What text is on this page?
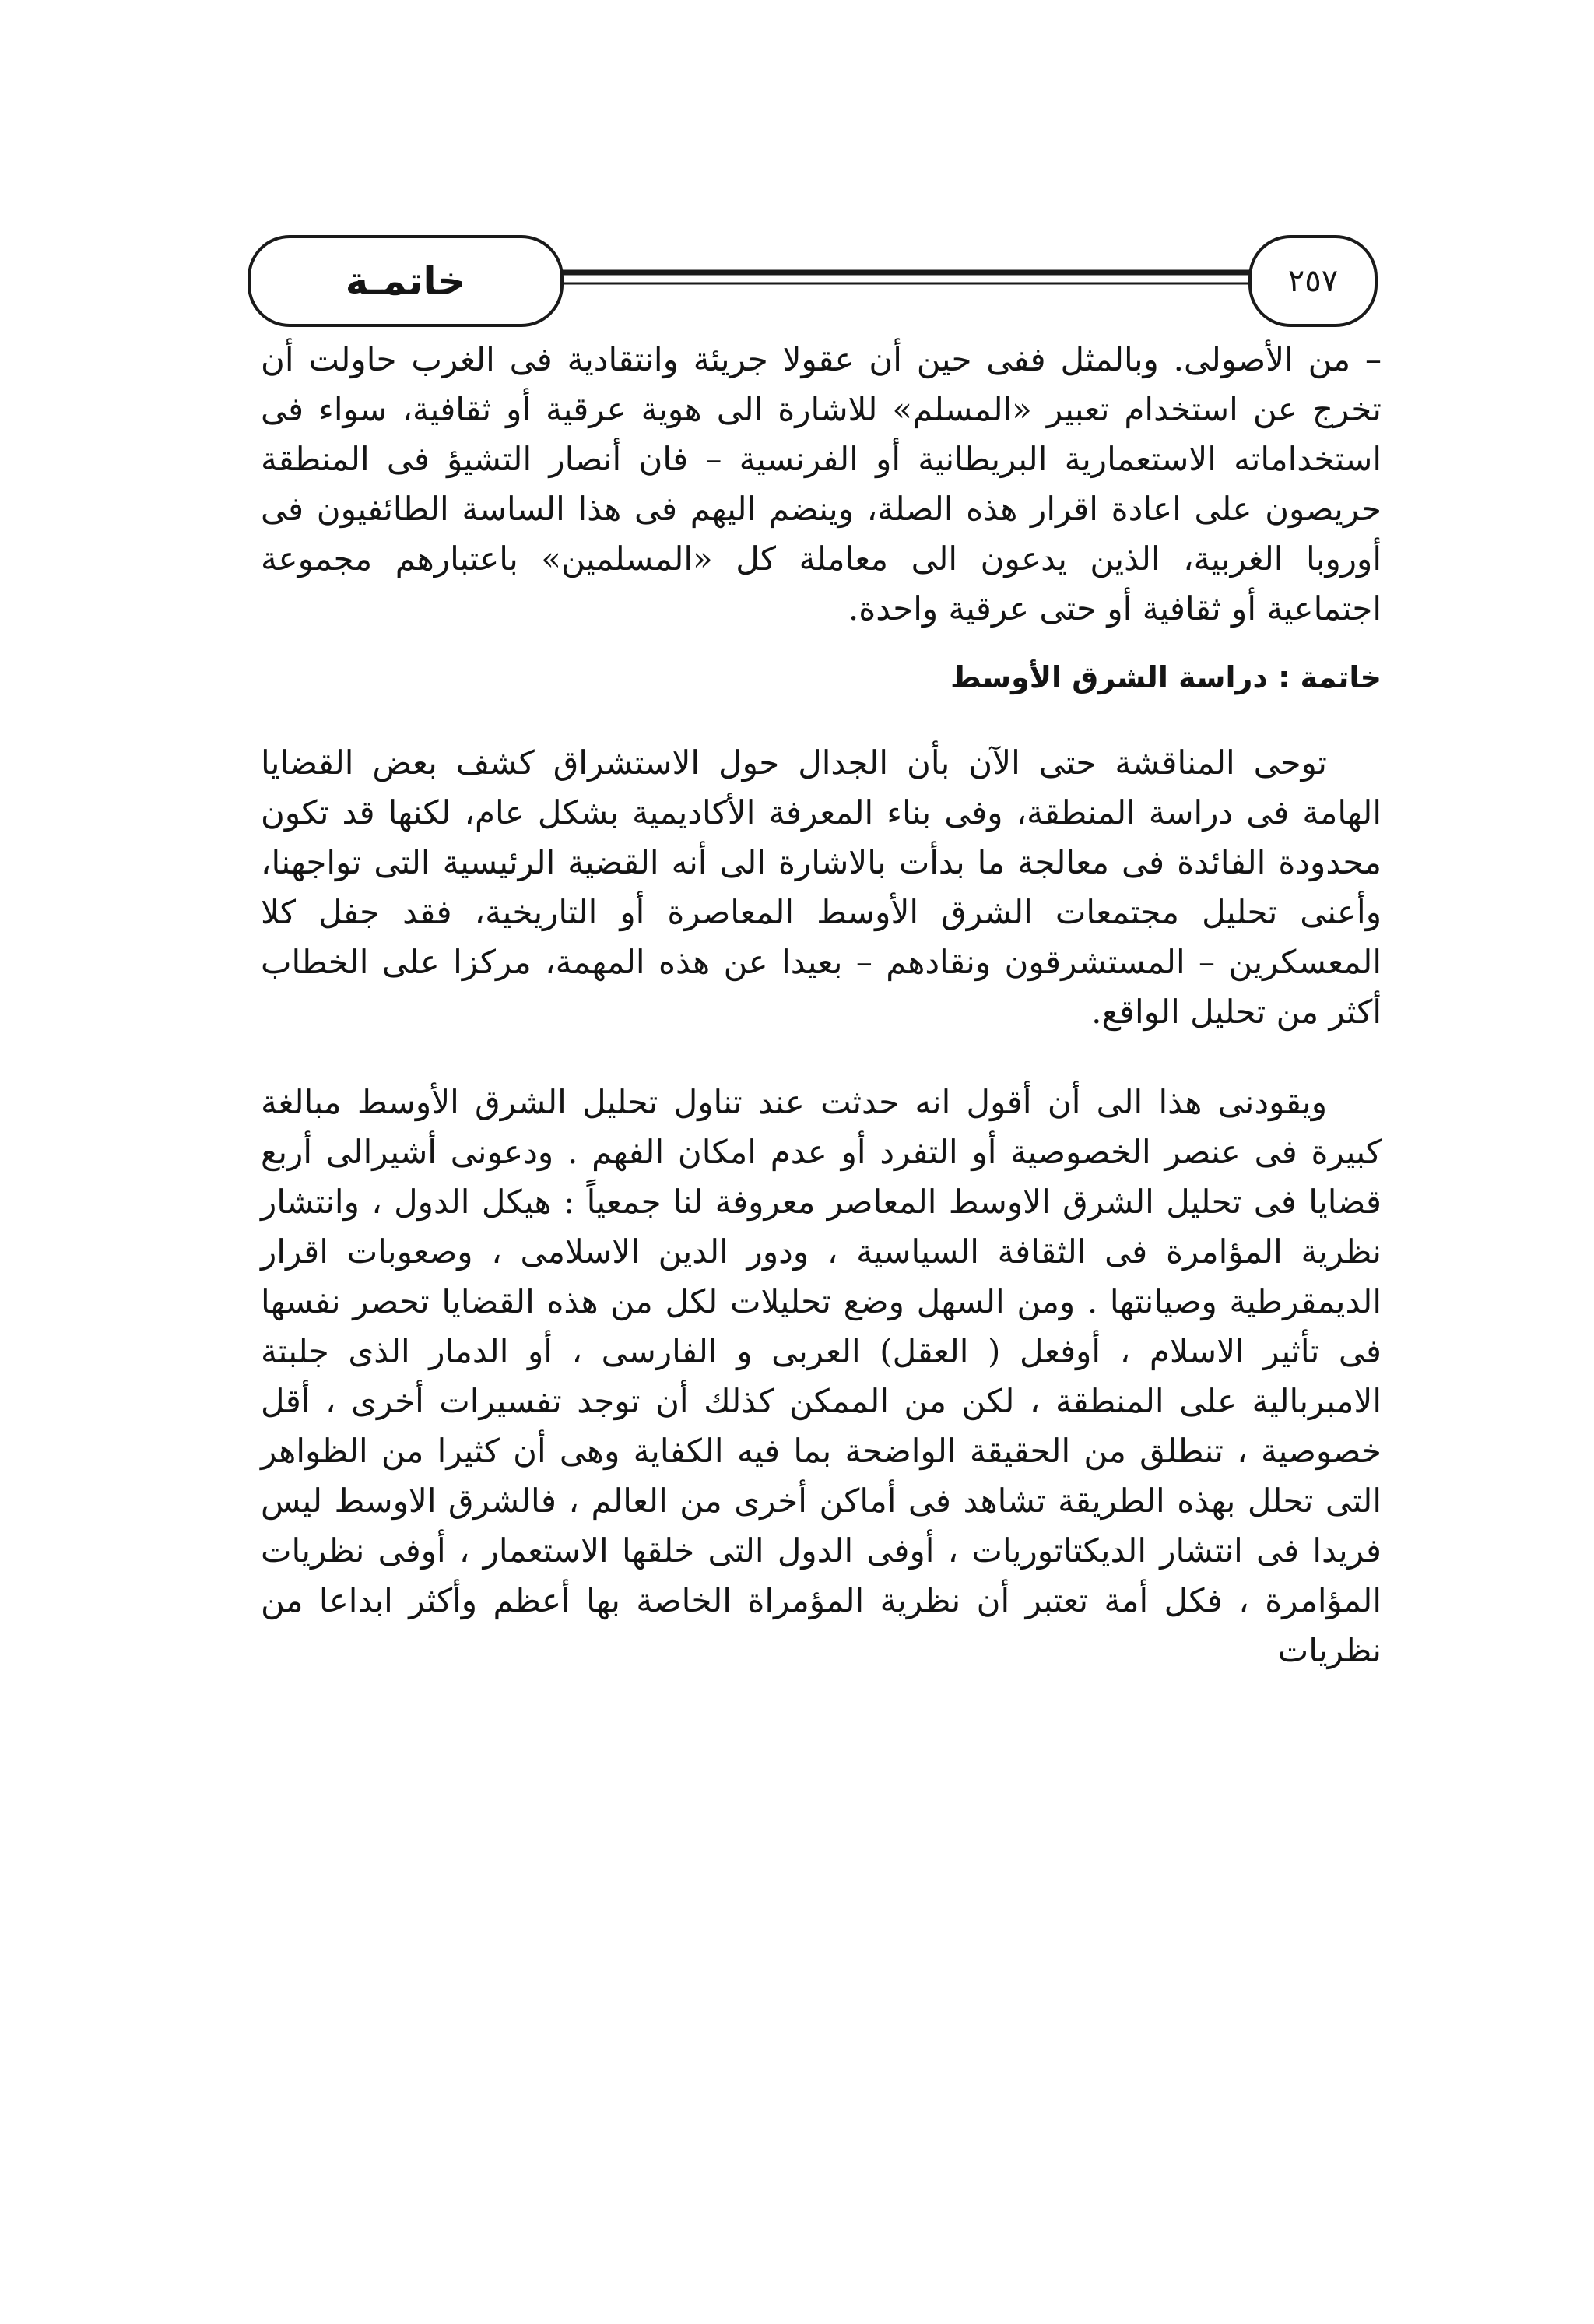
خاتمـة	٢٥٧

– من الأصولى. وبالمثل ففى حين أن عقولا جريئة وانتقادية فى الغرب حاولت أن تخرج عن استخدام تعبير «المسلم» للاشارة الى هوية عرقية أو ثقافية، سواء فى استخداماته الاستعمارية البريطانية أو الفرنسية – فان أنصار التشيؤ فى المنطقة حريصون على اعادة اقرار هذه الصلة، وينضم اليهم فى هذا الساسة الطائفيون فى أوروبا الغربية، الذين يدعون الى معاملة كل «المسلمين» باعتبارهم مجموعة اجتماعية أو ثقافية أو حتى عرقية واحدة.

خاتمة : دراسة الشرق الأوسط

توحى المناقشة حتى الآن بأن الجدال حول الاستشراق كشف بعض القضايا الهامة فى دراسة المنطقة، وفى بناء المعرفة الأكاديمية بشكل عام، لكنها قد تكون محدودة الفائدة فى معالجة ما بدأت بالاشارة الى أنه القضية الرئيسية التى تواجهنا، وأعنى تحليل مجتمعات الشرق الأوسط المعاصرة أو التاريخية، فقد جفل كلا المعسكرين – المستشرقون ونقادهم – بعيدا عن هذه المهمة، مركزا على الخطاب أكثر من تحليل الواقع.

ويقودنى هذا الى أن أقول انه حدثت عند تناول تحليل الشرق الأوسط مبالغة كبيرة فى عنصر الخصوصية أو التفرد أو عدم امكان الفهم . ودعونى أشيرالى أربع قضايا فى تحليل الشرق الاوسط المعاصر معروفة لنا جمعياً : هيكل الدول ، وانتشار نظرية المؤامرة فى الثقافة السياسية ، ودور الدين الاسلامى ، وصعوبات اقرار الديمقرطية وصيانتها . ومن السهل وضع تحليلات لكل من هذه القضايا تحصر نفسها فى تأثير الاسلام ، أوفعل ( العقل) العربى و الفارسى ، أو الدمار الذى جلبتة الامبربالية على المنطقة ، لكن من الممكن كذلك أن توجد تفسيرات أخرى ، أقل خصوصية ، تنطلق من الحقيقة الواضحة بما فيه الكفاية وهى أن كثيرا من الظواهر التى تحلل بهذه الطريقة تشاهد فى أماكن أخرى من العالم ، فالشرق الاوسط ليس فريدا فى انتشار الديكتاتوريات ، أوفى الدول التى خلقها الاستعمار ، أوفى نظريات المؤامرة ، فكل أمة تعتبر أن نظرية المؤمراة الخاصة بها أعظم وأكثر ابداعا من نظريات
